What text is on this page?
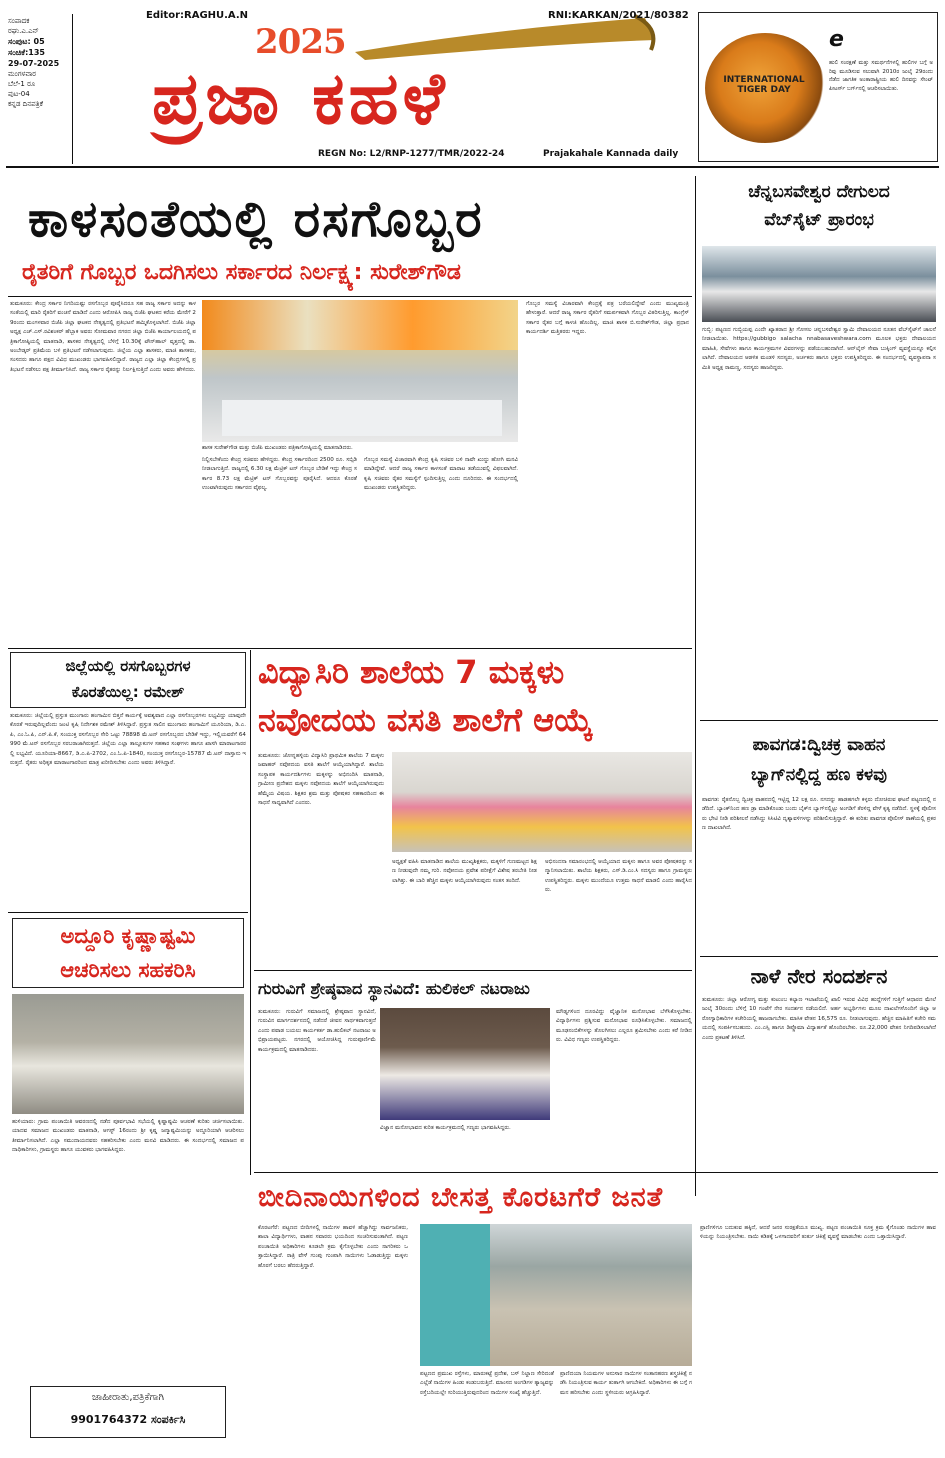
ಸಂಪಾದಕ
ರಘು.ಎ.ಎನ್
ಸಂಪುಟ: 05
ಸಂಚಿಕೆ:135
29-07-2025
ಮಂಗಳವಾರ
ಬೆಲೆ-1 ರೂ
ಪುಟ-04
ಕನ್ನಡ ದಿನಪತ್ರಿಕೆ
Editor:RAGHU.A.N
2025
ಪ್ರಜಾ ಕಹಳೆ
RNI:KARKAN/2021/80382
REGN No: L2/RNP-1277/TMR/2022-24	Prajakahale Kannada daily
INTERNATIONAL TIGER DAY
e
ಹುಲಿ ಸಂರಕ್ಷಣೆ ಮತ್ತು ಸಮರ್ಥನೆಗಳಲ್ಲಿ ಹುಲಿಗಳ ಬಗ್ಗೆ ಅರಿವು ಮೂಡಿಸುವ ಸಲುವಾಗಿ 2010ರ ಜುಲೈ 29ರಂದು ನೆಡೆದ ಜಾಗತಿಕ ಅಂತಾರಾಷ್ಟ್ರೀಯ ಹುಲಿ ದಿನವನ್ನು ಸೇಂಟ್ ಪೀಟರ್ಸ್ ಬರ್ಗ್‌ನಲ್ಲಿ ಆಚರಿಸಲಾಯಿತು.
ಕಾಳಸಂತೆಯಲ್ಲಿ ರಸಗೊಬ್ಬರ
ರೈತರಿಗೆ ಗೊಬ್ಬರ ಒದಗಿಸಲು ಸರ್ಕಾರದ ನಿರ್ಲಕ್ಷ್ಯ: ಸುರೇಶ್‌ಗೌಡ
ತುಮಕೂರು: ಕೇಂದ್ರ ಸರ್ಕಾರ ನಿಗದಿಯಷ್ಟು ರಸಗೊಬ್ಬರ ಪೂರೈಸಿದರೂ ಸಹ ರಾಜ್ಯ ಸರ್ಕಾರ ಅದನ್ನು ಕಾಳಸಂತೆಯಲ್ಲಿ ಮಾರಿ ರೈತರಿಗೆ ವಂಚನೆ ಮಾಡಿದೆ ಎಂದು ಆರೋಪಿಸಿ ರಾಜ್ಯ ಬಿಜೆಪಿ ಘಟಕದ ಕರೆಯ ಮೇರೆಗೆ 29ರಂದು ಮಂಗಳವಾರ ಬಿಜೆಪಿ ಜಿಲ್ಲಾ ಘಟಕದ ನೇತೃತ್ವದಲ್ಲಿ ಪ್ರತಿಭಟನೆ ಹಮ್ಮಿಕೊಳ್ಳಲಾಗಿದೆ. ಬಿಜೆಪಿ ಜಿಲ್ಲಾ ಅಧ್ಯಕ್ಷ ಎಚ್.ಎಸ್.ರವಿಶಂಕರ್ ಹೆಬ್ಬಾಕ ಅವರು ಸೋಮವಾರ ನಗರದ ಜಿಲ್ಲಾ ಬಿಜೆಪಿ ಕಾರ್ಯಾಲಯದಲ್ಲಿ ಪತ್ರಿಕಾಗೋಷ್ಠಿಯಲ್ಲಿ ಮಾತನಾಡಿ, ಶಾಸಕರ ನೇತೃತ್ವದಲ್ಲಿ ಬೆಳಿಗ್ಗೆ 10.30ಕ್ಕೆ ಟೌನ್‌ಹಾಲ್ ವೃತ್ತದಲ್ಲಿ ಡಾ.ಅಂಬೇಡ್ಕರ್ ಪ್ರತಿಮೆಯ ಬಳಿ ಪ್ರತಿಭಟನೆ ನಡೆಸಲಾಗುವುದು. ಜಿಲ್ಲೆಯ ಎಲ್ಲಾ ಶಾಸಕರು, ಮಾಜಿ ಶಾಸಕರು, ಸಂಸದರು ಹಾಗೂ ಪಕ್ಷದ ವಿವಿಧ ಮುಖಂಡರು ಭಾಗವಹಿಸಲಿದ್ದಾರೆ. ರಾಜ್ಯದ ಎಲ್ಲಾ ಜಿಲ್ಲಾ ಕೇಂದ್ರಗಳಲ್ಲಿ ಪ್ರತಿಭಟನೆ ನಡೆಸಲು ಪಕ್ಷ ತೀರ್ಮಾನಿಸಿದೆ. ರಾಜ್ಯ ಸರ್ಕಾರ ರೈತರನ್ನು ನಿರ್ಲಕ್ಷಿಸುತ್ತಿದೆ ಎಂದು ಅವರು ಹೇಳಿದರು.
ಶಾಸಕ ಸುರೇಶ್‌ಗೌಡ ಮತ್ತು ಬಿಜೆಪಿ ಮುಖಂಡರು ಪತ್ರಿಕಾಗೋಷ್ಠಿಯಲ್ಲಿ ಮಾತನಾಡಿದರು.
ನಿಲ್ಲಿಸಬೇಕೆಂದು ಕೇಂದ್ರ ಸಚಿವರು ಹೇಳಿದ್ದರು. ಕೇಂದ್ರ ಸರ್ಕಾರದಿಂದ 2500 ರೂ. ಸಬ್ಸಿಡಿ ನೀಡಲಾಗುತ್ತಿದೆ. ರಾಜ್ಯದಲ್ಲಿ 6.30 ಲಕ್ಷ ಮೆಟ್ರಿಕ್ ಟನ್ ಗೊಬ್ಬರ ಬೇಡಿಕೆ ಇದ್ದು ಕೇಂದ್ರ ಸರ್ಕಾರ 8.73 ಲಕ್ಷ ಮೆಟ್ರಿಕ್ ಟನ್ ಗೊಬ್ಬರವನ್ನು ಪೂರೈಸಿದೆ. ಆದರೂ ಕೊರತೆ ಉಂಟಾಗಿರುವುದು ಸರ್ಕಾರದ ವೈಫಲ್ಯ.
ಗೊಬ್ಬರ ಸಮಸ್ಯೆ ವಿಚಾರವಾಗಿ ಕೇಂದ್ರ ಕೃಷಿ ಸಚಿವರ ಬಳಿ ನಾವೇ ಖುದ್ದು ಹೋಗಿ ಮನವಿ ಮಾಡಿದ್ದೇವೆ. ಆದರೆ ರಾಜ್ಯ ಸರ್ಕಾರ ಕಾಳಸಂತೆ ಮಾರಾಟ ತಡೆಯುವಲ್ಲಿ ವಿಫಲವಾಗಿದೆ. ಕೃಷಿ ಸಚಿವರು ರೈತರ ಸಮಸ್ಯೆಗೆ ಸ್ಪಂದಿಸುತ್ತಿಲ್ಲ ಎಂದು ದೂರಿದರು. ಈ ಸಂದರ್ಭದಲ್ಲಿ ಮುಖಂಡರು ಉಪಸ್ಥಿತರಿದ್ದರು.
ಗೊಬ್ಬರ ಸಮಸ್ಯೆ ವಿಚಾರವಾಗಿ ಕೇಂದ್ರಕ್ಕೆ ಪತ್ರ ಬರೆಯಲಿದ್ದೇವೆ ಎಂದು ಮುಖ್ಯಮಂತ್ರಿ ಹೇಳುತ್ತಾರೆ. ಆದರೆ ರಾಜ್ಯ ಸರ್ಕಾರ ರೈತರಿಗೆ ಸಮರ್ಪಕವಾಗಿ ಗೊಬ್ಬರ ವಿತರಿಸುತ್ತಿಲ್ಲ. ಕಾಂಗ್ರೆಸ್ ಸರ್ಕಾರ ರೈತರ ಬಗ್ಗೆ ಕಾಳಜಿ ಹೊಂದಿಲ್ಲ. ಮಾಜಿ ಶಾಸಕ ಬಿ.ಸುರೇಶ್‌ಗೌಡ, ಜಿಲ್ಲಾ ಪ್ರಧಾನ ಕಾರ್ಯದರ್ಶಿ ಮತ್ತಿತರರು ಇದ್ದರು.
ಜಿಲ್ಲೆಯಲ್ಲಿ ರಸಗೊಬ್ಬರಗಳ
ಕೊರತೆಯಿಲ್ಲ: ರಮೇಶ್
ತುಮಕೂರು: ಜಿಲ್ಲೆಯಲ್ಲಿ ಪ್ರಸ್ತುತ ಮುಂಗಾರು ಹಂಗಾಮಿನ ಬಿತ್ತನೆ ಕಾರ್ಯಕ್ಕೆ ಅವಶ್ಯವಾದ ಎಲ್ಲಾ ರಸಗೊಬ್ಬರಗಳು ಲಭ್ಯವಿದ್ದು ಯಾವುದೇ ಕೊರತೆ ಇರುವುದಿಲ್ಲವೆಂದು ಜಂಟಿ ಕೃಷಿ ನಿರ್ದೇಶಕ ರಮೇಶ್ ತಿಳಿಸಿದ್ದಾರೆ. ಪ್ರಸ್ತುತ ಸಾಲಿನ ಮುಂಗಾರು ಹಂಗಾಮಿಗೆ ಯೂರಿಯಾ, ಡಿ.ಎ.ಪಿ, ಎಂ.ಓ.ಪಿ, ಎನ್.ಪಿ.ಕೆ, ಸಂಯುಕ್ತ ರಸಗೊಬ್ಬರ ಸೇರಿ ಒಟ್ಟು 78898 ಮೆ.ಟನ್ ರಸಗೊಬ್ಬರದ ಬೇಡಿಕೆ ಇದ್ದು, ಇಲ್ಲಿಯವರೆಗೆ 64990 ಮೆ.ಟನ್ ರಸಗೊಬ್ಬರ ಸರಬರಾಜಾಗಿರುತ್ತದೆ. ಜಿಲ್ಲೆಯ ಎಲ್ಲಾ ತಾಲ್ಲೂಕುಗಳ ಸಹಕಾರ ಸಂಘಗಳು ಹಾಗೂ ಖಾಸಗಿ ಮಾರಾಟಗಾರರಲ್ಲಿ ಲಭ್ಯವಿದೆ. ಯೂರಿಯಾ-8667, ಡಿ.ಎ.ಪಿ-2702, ಎಂ.ಓ.ಪಿ-1840, ಸಂಯುಕ್ತ ರಸಗೊಬ್ಬರ-15787 ಮೆ.ಟನ್ ದಾಸ್ತಾನು ಇರುತ್ತದೆ. ರೈತರು ಅಧಿಕೃತ ಮಾರಾಟಗಾರರಿಂದ ಮಾತ್ರ ಖರೀದಿಸಬೇಕು ಎಂದು ಅವರು ತಿಳಿಸಿದ್ದಾರೆ.
ವಿದ್ಯಾಸಿರಿ ಶಾಲೆಯ 7 ಮಕ್ಕಳು
ನವೋದಯ ವಸತಿ ಶಾಲೆಗೆ ಆಯ್ಕೆ
ತುಮಕೂರು: ಜೋನ್ನಹಳ್ಳಿಯ ವಿದ್ಯಾಸಿರಿ ಪ್ರಾಥಮಿಕ ಶಾಲೆಯ 7 ಮಕ್ಕಳು ಜವಾಹರ್ ನವೋದಯ ವಸತಿ ಶಾಲೆಗೆ ಆಯ್ಕೆಯಾಗಿದ್ದಾರೆ. ಶಾಲೆಯ ಸಂಸ್ಥಾಪಕ ಕಾರ್ಯದರ್ಶಿಗಳು ಮಕ್ಕಳನ್ನು ಅಭಿನಂದಿಸಿ ಮಾತನಾಡಿ, ಗ್ರಾಮೀಣ ಪ್ರದೇಶದ ಮಕ್ಕಳು ನವೋದಯ ಶಾಲೆಗೆ ಆಯ್ಕೆಯಾಗಿರುವುದು ಹೆಮ್ಮೆಯ ವಿಷಯ. ಶಿಕ್ಷಕರ ಶ್ರಮ ಮತ್ತು ಪೋಷಕರ ಸಹಕಾರದಿಂದ ಈ ಸಾಧನೆ ಸಾಧ್ಯವಾಗಿದೆ ಎಂದರು.
ಅಧ್ಯಕ್ಷತೆ ವಹಿಸಿ ಮಾತನಾಡಿದ ಶಾಲೆಯ ಮುಖ್ಯಶಿಕ್ಷಕರು, ಮಕ್ಕಳಿಗೆ ಗುಣಮಟ್ಟದ ಶಿಕ್ಷಣ ನೀಡುವುದೇ ನಮ್ಮ ಗುರಿ. ನವೋದಯ ಪ್ರವೇಶ ಪರೀಕ್ಷೆಗೆ ವಿಶೇಷ ತರಬೇತಿ ನೀಡಲಾಗಿತ್ತು. ಈ ಬಾರಿ ಹೆಚ್ಚಿನ ಮಕ್ಕಳು ಆಯ್ಕೆಯಾಗಿರುವುದು ಸಂತಸ ತಂದಿದೆ.
ಅಭಿನಂದನಾ ಸಮಾರಂಭದಲ್ಲಿ ಆಯ್ಕೆಯಾದ ಮಕ್ಕಳು ಹಾಗೂ ಅವರ ಪೋಷಕರನ್ನು ಸನ್ಮಾನಿಸಲಾಯಿತು. ಶಾಲೆಯ ಶಿಕ್ಷಕರು, ಎಸ್.ಡಿ.ಎಂ.ಸಿ ಸದಸ್ಯರು ಹಾಗೂ ಗ್ರಾಮಸ್ಥರು ಉಪಸ್ಥಿತರಿದ್ದರು. ಮಕ್ಕಳು ಮುಂದೆಯೂ ಉತ್ತಮ ಸಾಧನೆ ಮಾಡಲಿ ಎಂದು ಹಾರೈಸಿದರು.
ಅದ್ದೂರಿ ಕೃಷ್ಣಾಷ್ಟಮಿ
ಆಚರಿಸಲು ಸಹಕರಿಸಿ
ಹುಳಿಯಾರು: ಗ್ರಾಮ ಪಂಚಾಯಿತಿ ಆವರಣದಲ್ಲಿ ನಡೆದ ಪೂರ್ವಭಾವಿ ಸಭೆಯಲ್ಲಿ ಕೃಷ್ಣಾಷ್ಟಮಿ ಆಚರಣೆ ಕುರಿತು ಚರ್ಚಿಸಲಾಯಿತು. ಯಾದವ ಸಮಾಜದ ಮುಖಂಡರು ಮಾತನಾಡಿ, ಆಗಸ್ಟ್ 16ರಂದು ಶ್ರೀ ಕೃಷ್ಣ ಜನ್ಮಾಷ್ಟಮಿಯನ್ನು ಅದ್ದೂರಿಯಾಗಿ ಆಚರಿಸಲು ತೀರ್ಮಾನಿಸಲಾಗಿದೆ. ಎಲ್ಲಾ ಸಮುದಾಯದವರು ಸಹಕರಿಸಬೇಕು ಎಂದು ಮನವಿ ಮಾಡಿದರು. ಈ ಸಂದರ್ಭದಲ್ಲಿ ಸಮಾಜದ ಪದಾಧಿಕಾರಿಗಳು, ಗ್ರಾಮಸ್ಥರು ಹಾಗೂ ಯುವಕರು ಭಾಗವಹಿಸಿದ್ದರು.
ಜಾಹೀರಾತು,ಪತ್ರಿಕೆಗಾಗಿ
9901764372 ಸಂಪರ್ಕಿಸಿ
ಗುರುವಿಗೆ ಶ್ರೇಷ್ಠವಾದ ಸ್ಥಾನವಿದೆ: ಹುಲಿಕಲ್ ನಟರಾಜು
ತುಮಕೂರು: ಗುರುವಿಗೆ ಸಮಾಜದಲ್ಲಿ ಶ್ರೇಷ್ಠವಾದ ಸ್ಥಾನವಿದೆ, ಗುರುವಿನ ಮಾರ್ಗದರ್ಶನದಲ್ಲಿ ನಡೆದರೆ ಜೀವನ ಸಾರ್ಥಕವಾಗುತ್ತದೆ ಎಂದು ಪವಾಡ ಬಯಲು ಕಾರ್ಯಕರ್ತ ಡಾ.ಹುಲಿಕಲ್ ನಟರಾಜು ಅಭಿಪ್ರಾಯಪಟ್ಟರು. ನಗರದಲ್ಲಿ ಆಯೋಜಿಸಿದ್ದ ಗುರುಪೂರ್ಣಿಮೆ ಕಾರ್ಯಕ್ರಮದಲ್ಲಿ ಮಾತನಾಡಿದರು.
ವಿಜ್ಞಾನ ಮನೋಭಾವದ ಕುರಿತ ಕಾರ್ಯಕ್ರಮದಲ್ಲಿ ಗಣ್ಯರು ಭಾಗವಹಿಸಿದ್ದರು.
ಮೌಢ್ಯಗಳಿಂದ ದೂರವಿದ್ದು ವೈಜ್ಞಾನಿಕ ಮನೋಭಾವ ಬೆಳೆಸಿಕೊಳ್ಳಬೇಕು. ವಿದ್ಯಾರ್ಥಿಗಳು ಪ್ರಶ್ನಿಸುವ ಮನೋಭಾವ ರೂಢಿಸಿಕೊಳ್ಳಬೇಕು. ಸಮಾಜದಲ್ಲಿ ಮೂಢನಂಬಿಕೆಗಳನ್ನು ತೊಲಗಿಸಲು ಎಲ್ಲರೂ ಶ್ರಮಿಸಬೇಕು ಎಂದು ಕರೆ ನೀಡಿದರು. ವಿವಿಧ ಗಣ್ಯರು ಉಪಸ್ಥಿತರಿದ್ದರು.
ಬೀದಿನಾಯಿಗಳಿಂದ ಬೇಸತ್ತ ಕೊರಟಗೆರೆ ಜನತೆ
ಕೊರಟಗೆರೆ: ಪಟ್ಟಣದ ಬೀದಿಗಳಲ್ಲಿ ನಾಯಿಗಳ ಹಾವಳಿ ಹೆಚ್ಚಾಗಿದ್ದು ಸಾರ್ವಜನಿಕರು, ಶಾಲಾ ವಿದ್ಯಾರ್ಥಿಗಳು, ವಾಹನ ಸವಾರರು ಭಯದಿಂದ ಸಂಚರಿಸುವಂತಾಗಿದೆ. ಪಟ್ಟಣ ಪಂಚಾಯಿತಿ ಅಧಿಕಾರಿಗಳು ಕೂಡಲೇ ಕ್ರಮ ಕೈಗೊಳ್ಳಬೇಕು ಎಂದು ನಾಗರಿಕರು ಒತ್ತಾಯಿಸಿದ್ದಾರೆ. ರಾತ್ರಿ ವೇಳೆ ಗುಂಪು ಗುಂಪಾಗಿ ನಾಯಿಗಳು ಓಡಾಡುತ್ತಿದ್ದು ಮಕ್ಕಳು ಹೊರಗೆ ಬರಲು ಹೆದರುತ್ತಿದ್ದಾರೆ.
ಪಟ್ಟಣದ ಪ್ರಮುಖ ರಸ್ತೆಗಳು, ಮಾರುಕಟ್ಟೆ ಪ್ರದೇಶ, ಬಸ್ ನಿಲ್ದಾಣ ಸೇರಿದಂತೆ ಎಲ್ಲೆಡೆ ನಾಯಿಗಳ ಹಿಂಡು ಕಂಡುಬರುತ್ತಿದೆ. ಮಾಂಸದ ಅಂಗಡಿಗಳ ತ್ಯಾಜ್ಯವನ್ನು ರಸ್ತೆಬದಿಯಲ್ಲೇ ಸುರಿಯುತ್ತಿರುವುದರಿಂದ ನಾಯಿಗಳ ಸಂಖ್ಯೆ ಹೆಚ್ಚುತ್ತಿದೆ.
ಪ್ರಾಣಿದಯಾ ನಿಯಮಗಳ ಅನುಸಾರ ನಾಯಿಗಳ ಸಂತಾನಹರಣ ಶಸ್ತ್ರಚಿಕಿತ್ಸೆ ನಡೆಸಿ ನಿಯಂತ್ರಿಸುವ ಕಾರ್ಯ ತುರ್ತಾಗಿ ಆಗಬೇಕಿದೆ. ಅಧಿಕಾರಿಗಳು ಈ ಬಗ್ಗೆ ಗಮನ ಹರಿಸಬೇಕು ಎಂದು ಸ್ಥಳೀಯರು ಆಗ್ರಹಿಸಿದ್ದಾರೆ.
ಪ್ರಾಣಿಗಳಿಗೂ ಬದುಕುವ ಹಕ್ಕಿದೆ, ಆದರೆ ಜನರ ಸುರಕ್ಷತೆಯೂ ಮುಖ್ಯ. ಪಟ್ಟಣ ಪಂಚಾಯಿತಿ ಸೂಕ್ತ ಕ್ರಮ ಕೈಗೊಂಡು ನಾಯಿಗಳ ಹಾವಳಿಯನ್ನು ನಿಯಂತ್ರಿಸಬೇಕು. ನಾಯಿ ಕಡಿತಕ್ಕೆ ಒಳಗಾದವರಿಗೆ ತುರ್ತು ಚಿಕಿತ್ಸೆ ವ್ಯವಸ್ಥೆ ಮಾಡಬೇಕು ಎಂದು ಒತ್ತಾಯಿಸಿದ್ದಾರೆ.
ಚೆನ್ನಬಸವೇಶ್ವರ ದೇಗುಲದ
ವೆಬ್‌ಸೈಟ್ ಪ್ರಾರಂಭ
ಗುಬ್ಬಿ: ಪಟ್ಟಣದ ಗುಬ್ಬಿಯಪ್ಪ ಎಂದೇ ಖ್ಯಾತರಾದ ಶ್ರೀ ಗೋಸಲ ಚನ್ನಬಸವೇಶ್ವರ ಸ್ವಾಮಿ ದೇವಾಲಯದ ನೂತನ ವೆಬ್‌ಸೈಟ್‌ಗೆ ಚಾಲನೆ ನೀಡಲಾಯಿತು. https://gubbigo salacha nnabasaveshwara.com ಮೂಲಕ ಭಕ್ತರು ದೇವಾಲಯದ ಮಾಹಿತಿ, ಸೇವೆಗಳು ಹಾಗೂ ಕಾರ್ಯಕ್ರಮಗಳ ವಿವರಗಳನ್ನು ಪಡೆಯಬಹುದಾಗಿದೆ. ಆನ್‌ಲೈನ್ ಸೇವಾ ಬುಕ್ಕಿಂಗ್ ವ್ಯವಸ್ಥೆಯನ್ನೂ ಕಲ್ಪಿಸಲಾಗಿದೆ. ದೇವಾಲಯದ ಆಡಳಿತ ಮಂಡಳಿ ಸದಸ್ಯರು, ಅರ್ಚಕರು ಹಾಗೂ ಭಕ್ತರು ಉಪಸ್ಥಿತರಿದ್ದರು. ಈ ಸಂದರ್ಭದಲ್ಲಿ ವ್ಯವಸ್ಥಾಪನಾ ಸಮಿತಿ ಅಧ್ಯಕ್ಷ ರಾಮಣ್ಣ, ಸದಸ್ಯರು ಹಾಜರಿದ್ದರು.
ಪಾವಗಡ:ದ್ವಿಚಕ್ರ ವಾಹನ
ಬ್ಯಾಗ್‌ನಲ್ಲಿದ್ದ ಹಣ ಕಳವು
ಪಾವಗಡ: ರೈತನೊಬ್ಬ ದ್ವಿಚಕ್ರ ವಾಹನದಲ್ಲಿ ಇಟ್ಟಿದ್ದ 12 ಲಕ್ಷ ರೂ. ನಗದನ್ನು ಹಾಡಹಗಲೇ ಕಳ್ಳರು ದೋಚಿರುವ ಘಟನೆ ಪಟ್ಟಣದಲ್ಲಿ ನಡೆದಿದೆ. ಬ್ಯಾಂಕ್‌ನಿಂದ ಹಣ ಡ್ರಾ ಮಾಡಿಕೊಂಡು ಬಂದು ಬೈಕ್‌ನ ಬ್ಯಾಗ್‌ನಲ್ಲಿಟ್ಟು ಅಂಗಡಿಗೆ ತೆರಳಿದ್ದ ವೇಳೆ ಕೃತ್ಯ ನಡೆದಿದೆ. ಸ್ಥಳಕ್ಕೆ ಪೊಲೀಸರು ಭೇಟಿ ನೀಡಿ ಪರಿಶೀಲನೆ ನಡೆಸಿದ್ದು ಸಿಸಿಟಿವಿ ದೃಶ್ಯಾವಳಿಗಳನ್ನು ಪರಿಶೀಲಿಸುತ್ತಿದ್ದಾರೆ. ಈ ಕುರಿತು ಪಾವಗಡ ಪೊಲೀಸ್ ಠಾಣೆಯಲ್ಲಿ ಪ್ರಕರಣ ದಾಖಲಾಗಿದೆ.
ನಾಳೆ ನೇರ ಸಂದರ್ಶನ
ತುಮಕೂರು: ಜಿಲ್ಲಾ ಆರೋಗ್ಯ ಮತ್ತು ಕುಟುಂಬ ಕಲ್ಯಾಣ ಇಲಾಖೆಯಲ್ಲಿ ಖಾಲಿ ಇರುವ ವಿವಿಧ ಹುದ್ದೆಗಳಿಗೆ ಗುತ್ತಿಗೆ ಆಧಾರದ ಮೇಲೆ ಜುಲೈ 30ರಂದು ಬೆಳಿಗ್ಗೆ 10 ಗಂಟೆಗೆ ನೇರ ಸಂದರ್ಶನ ನಡೆಯಲಿದೆ. ಅರ್ಹ ಅಭ್ಯರ್ಥಿಗಳು ಮೂಲ ದಾಖಲೆಗಳೊಂದಿಗೆ ಜಿಲ್ಲಾ ಆರೋಗ್ಯಾಧಿಕಾರಿಗಳ ಕಚೇರಿಯಲ್ಲಿ ಹಾಜರಾಗಬೇಕು. ಮಾಸಿಕ ವೇತನ 16,575 ರೂ. ನೀಡಲಾಗುವುದು. ಹೆಚ್ಚಿನ ಮಾಹಿತಿಗೆ ಕಚೇರಿ ಸಮಯದಲ್ಲಿ ಸಂಪರ್ಕಿಸಬಹುದು. ಎಂ.ಎಸ್ಸಿ ಹಾಗೂ ಡಿಪ್ಲೊಮಾ ವಿದ್ಯಾರ್ಹತೆ ಹೊಂದಿರಬೇಕು. ರೂ.22,000 ವೇತನ ನಿಗದಿಪಡಿಸಲಾಗಿದೆ ಎಂದು ಪ್ರಕಟಣೆ ತಿಳಿಸಿದೆ.
